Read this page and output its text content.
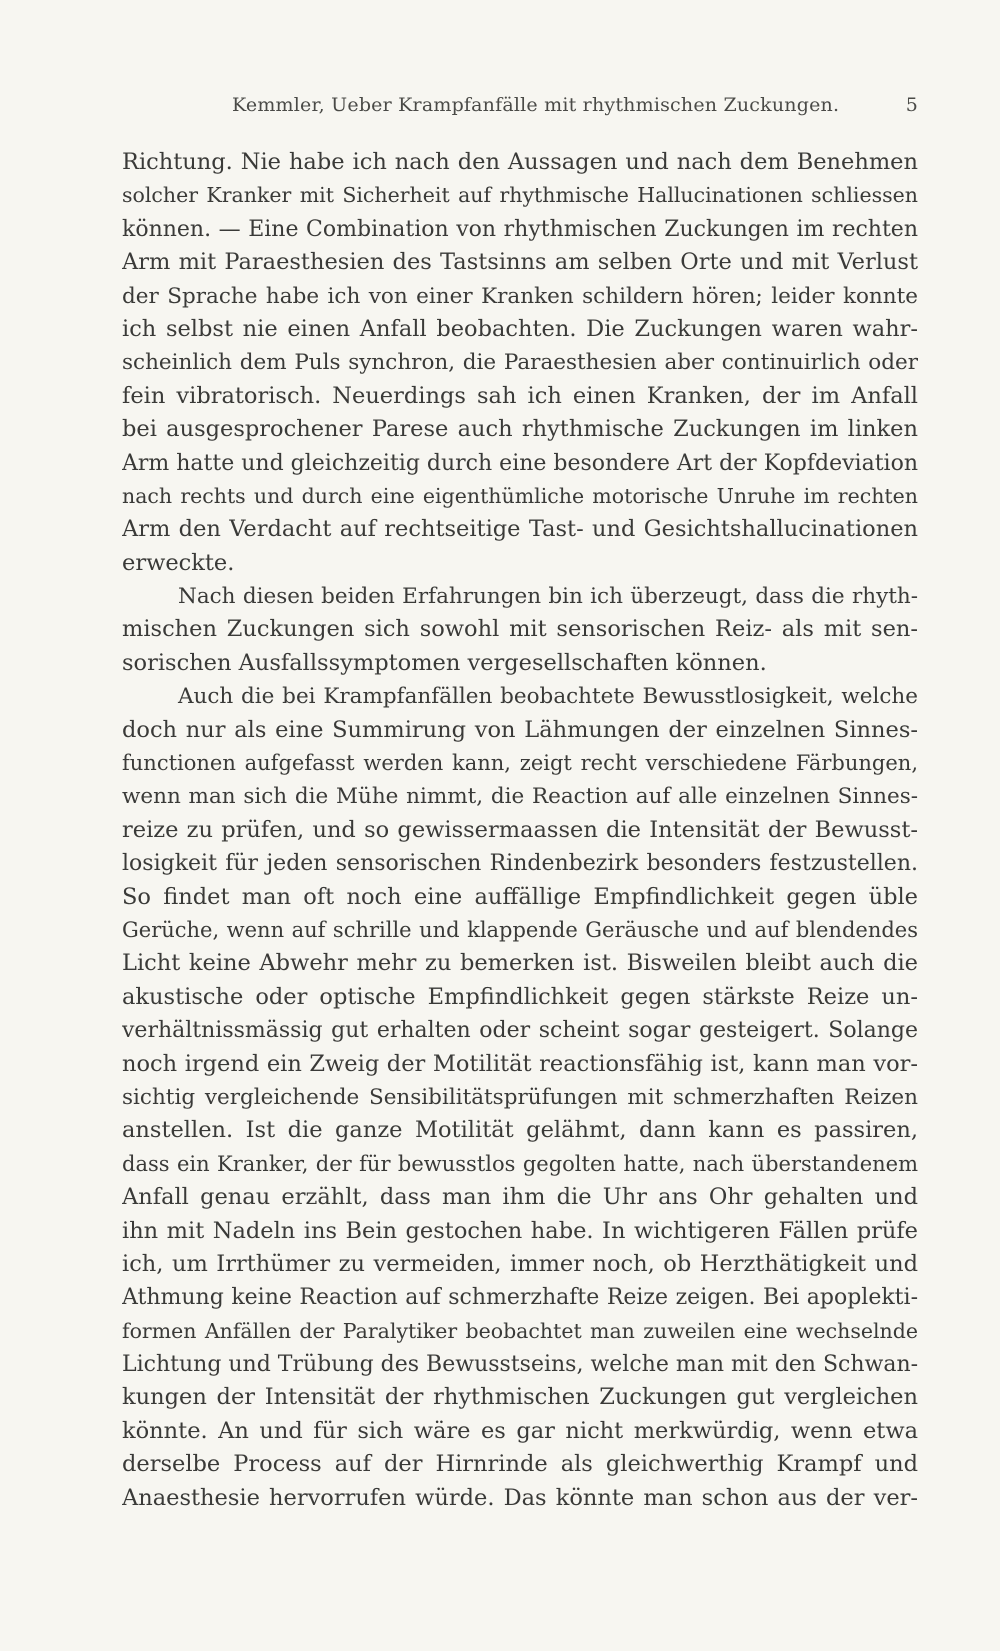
Kemmler, Ueber Krampfanfälle mit rhythmischen Zuckungen.	5
Richtung. Nie habe ich nach den Aussagen und nach dem Benehmen
solcher Kranker mit Sicherheit auf rhythmische Hallucinationen schliessen
können. — Eine Combination von rhythmischen Zuckungen im rechten
Arm mit Paraesthesien des Tastsinns am selben Orte und mit Verlust
der Sprache habe ich von einer Kranken schildern hören; leider konnte
ich selbst nie einen Anfall beobachten. Die Zuckungen waren wahr-
scheinlich dem Puls synchron, die Paraesthesien aber continuirlich oder
fein vibratorisch. Neuerdings sah ich einen Kranken, der im Anfall
bei ausgesprochener Parese auch rhythmische Zuckungen im linken
Arm hatte und gleichzeitig durch eine besondere Art der Kopfdeviation
nach rechts und durch eine eigenthümliche motorische Unruhe im rechten
Arm den Verdacht auf rechtseitige Tast- und Gesichtshallucinationen
erweckte.
Nach diesen beiden Erfahrungen bin ich überzeugt, dass die rhyth-
mischen Zuckungen sich sowohl mit sensorischen Reiz- als mit sen-
sorischen Ausfallssymptomen vergesellschaften können.
Auch die bei Krampfanfällen beobachtete Bewusstlosigkeit, welche
doch nur als eine Summirung von Lähmungen der einzelnen Sinnes-
functionen aufgefasst werden kann, zeigt recht verschiedene Färbungen,
wenn man sich die Mühe nimmt, die Reaction auf alle einzelnen Sinnes-
reize zu prüfen, und so gewissermaassen die Intensität der Bewusst-
losigkeit für jeden sensorischen Rindenbezirk besonders festzustellen.
So findet man oft noch eine auffällige Empfindlichkeit gegen üble
Gerüche, wenn auf schrille und klappende Geräusche und auf blendendes
Licht keine Abwehr mehr zu bemerken ist. Bisweilen bleibt auch die
akustische oder optische Empfindlichkeit gegen stärkste Reize un-
verhältnissmässig gut erhalten oder scheint sogar gesteigert. Solange
noch irgend ein Zweig der Motilität reactionsfähig ist, kann man vor-
sichtig vergleichende Sensibilitätsprüfungen mit schmerzhaften Reizen
anstellen. Ist die ganze Motilität gelähmt, dann kann es passiren,
dass ein Kranker, der für bewusstlos gegolten hatte, nach überstandenem
Anfall genau erzählt, dass man ihm die Uhr ans Ohr gehalten und
ihn mit Nadeln ins Bein gestochen habe. In wichtigeren Fällen prüfe
ich, um Irrthümer zu vermeiden, immer noch, ob Herzthätigkeit und
Athmung keine Reaction auf schmerzhafte Reize zeigen. Bei apoplekti-
formen Anfällen der Paralytiker beobachtet man zuweilen eine wechselnde
Lichtung und Trübung des Bewusstseins, welche man mit den Schwan-
kungen der Intensität der rhythmischen Zuckungen gut vergleichen
könnte. An und für sich wäre es gar nicht merkwürdig, wenn etwa
derselbe Process auf der Hirnrinde als gleichwerthig Krampf und
Anaesthesie hervorrufen würde. Das könnte man schon aus der ver-
